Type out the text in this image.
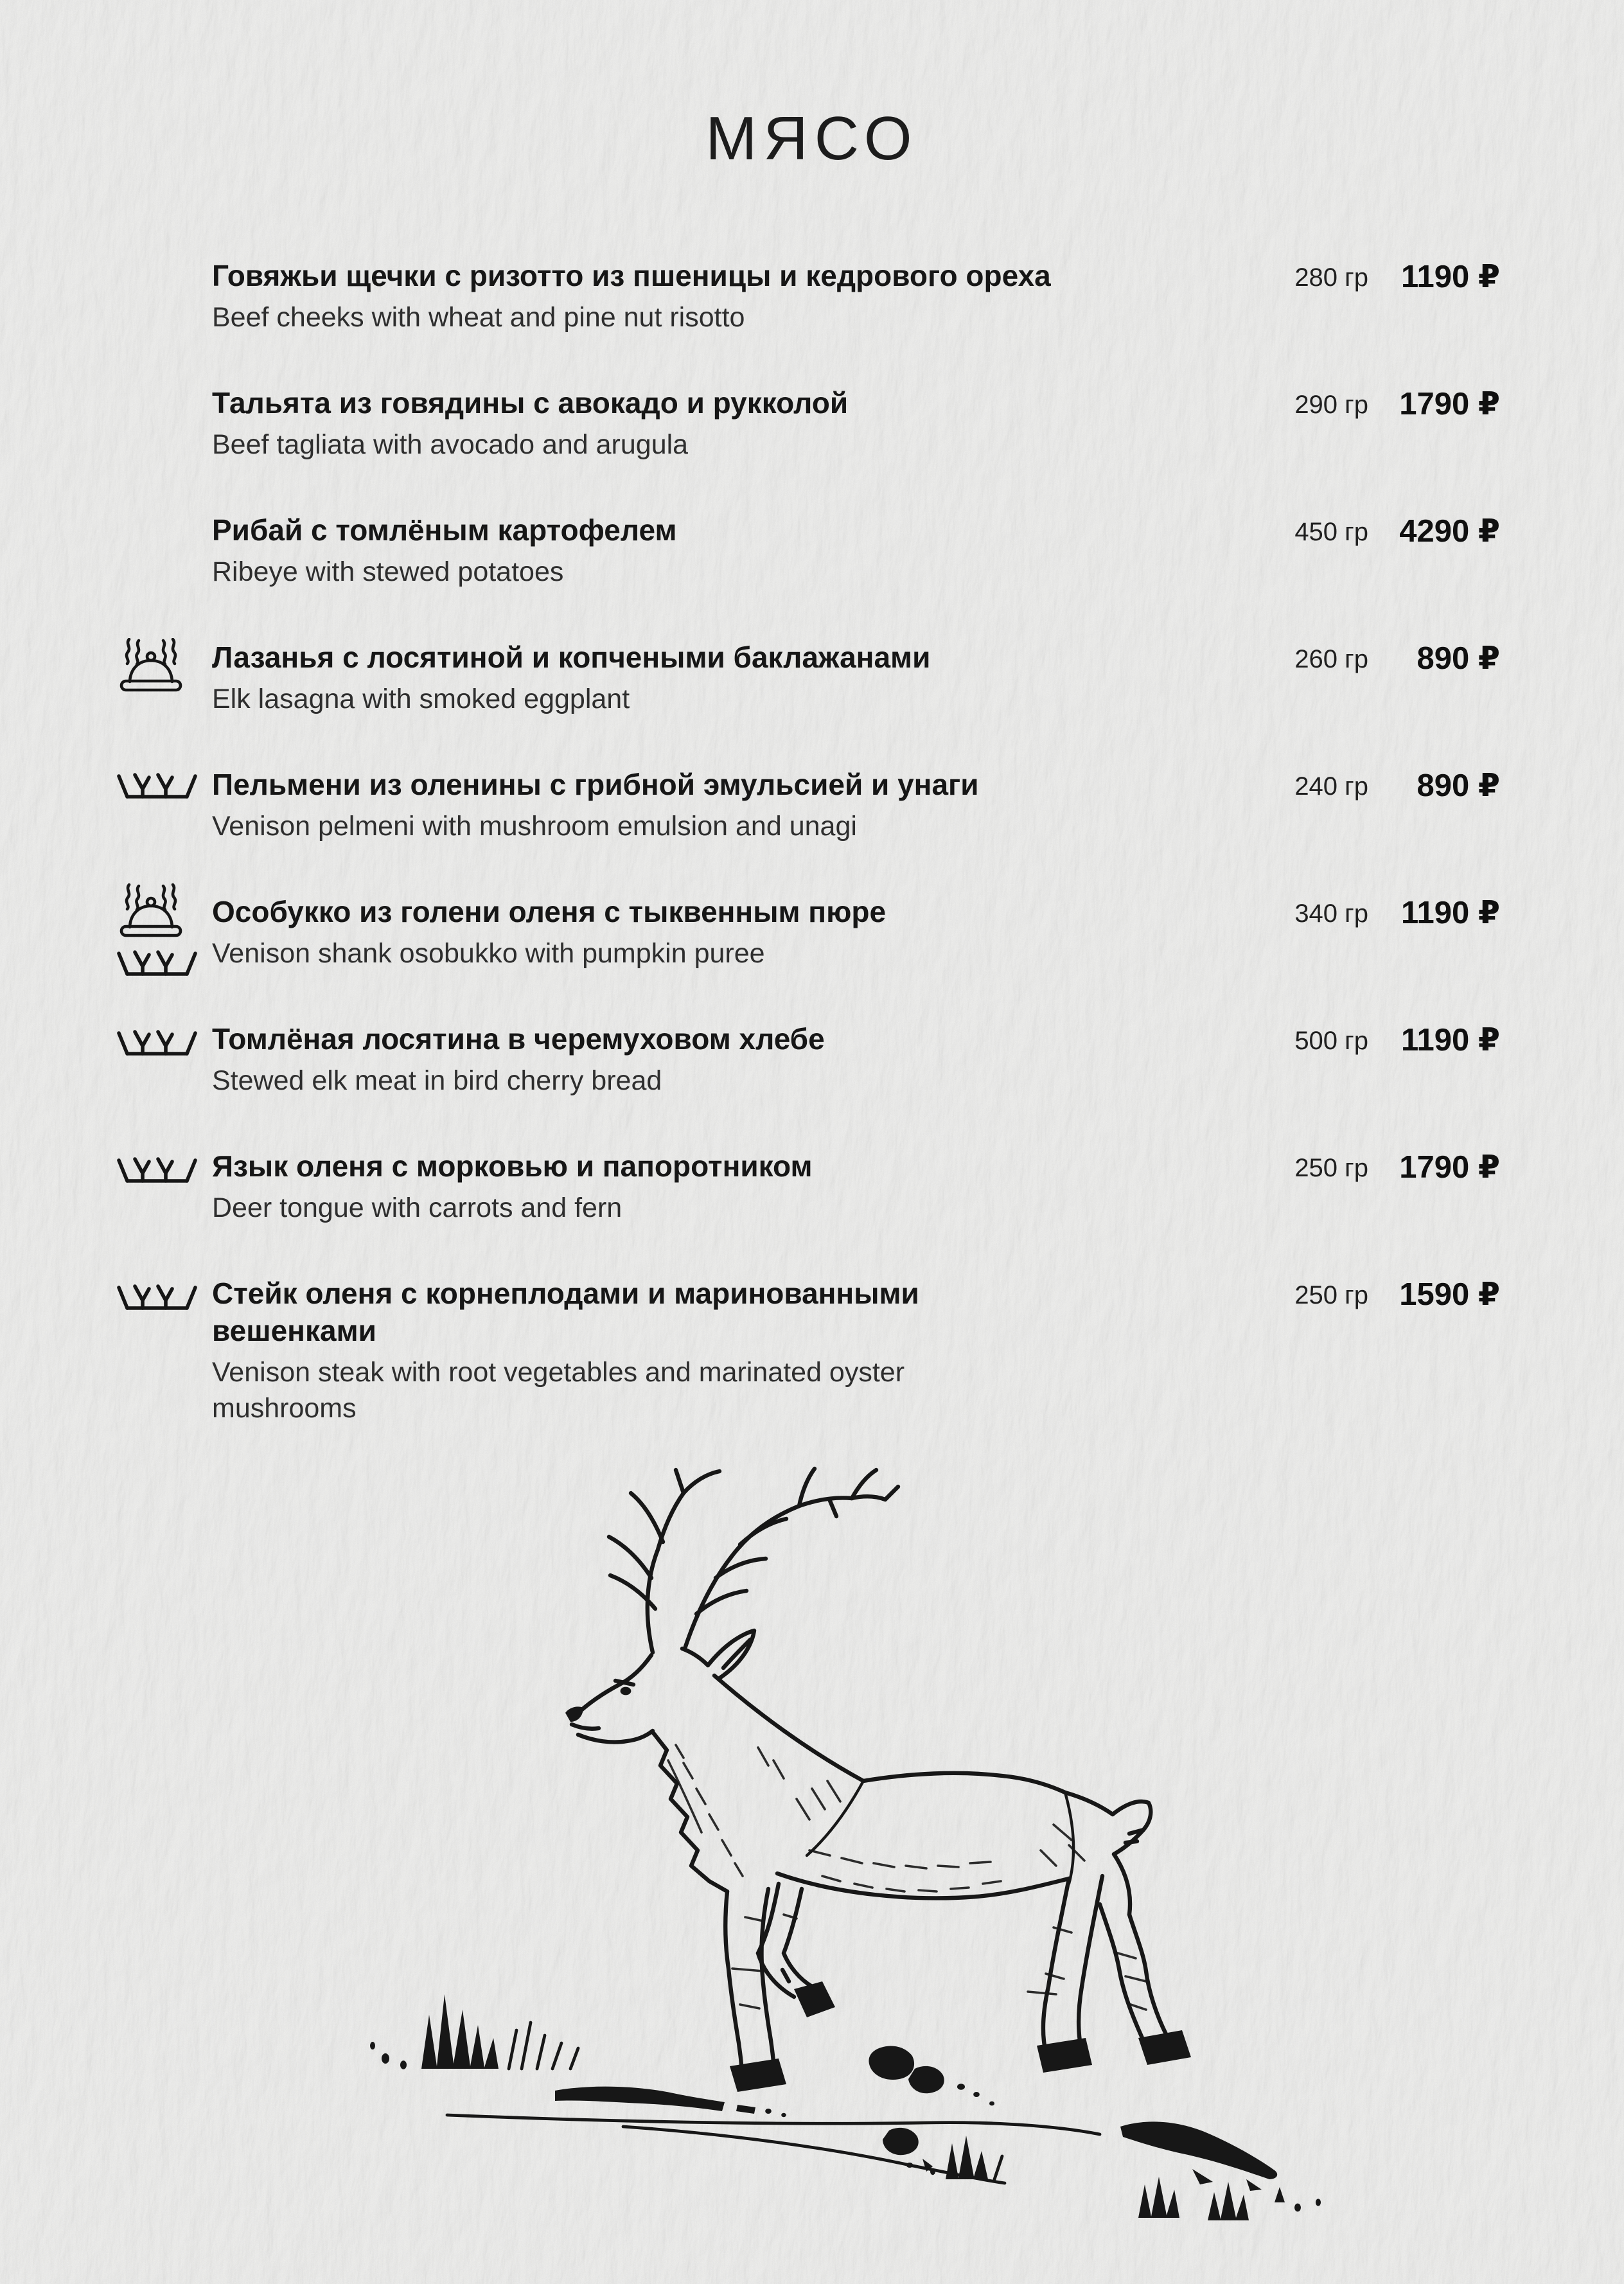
МЯСО
Говяжьи щечки с ризотто из пшеницы и кедрового ореха
Beef cheeks with wheat and pine nut risotto
280 гр 1190 ₽
Тальята из говядины с авокадо и рукколой
Beef tagliata with avocado and arugula
290 гр 1790 ₽
Рибай с томлёным картофелем
Ribeye with stewed potatoes
450 гр 4290 ₽
Лазанья с лосятиной и копчеными баклажанами
Elk lasagna with smoked eggplant
260 гр 890 ₽
Пельмени из оленины с грибной эмульсией и унаги
Venison pelmeni with mushroom emulsion and unagi
240 гр 890 ₽
Особукко из голени оленя с тыквенным пюре
Venison shank osobukko with pumpkin puree
340 гр 1190 ₽
Томлёная лосятина в черемуховом хлебе
Stewed elk meat in bird cherry bread
500 гр 1190 ₽
Язык оленя с морковью и папоротником
Deer tongue with carrots and fern
250 гр 1790 ₽
Стейк оленя с корнеплодами и маринованными вешенками
Venison steak with root vegetables and marinated oyster mushrooms
250 гр 1590 ₽
